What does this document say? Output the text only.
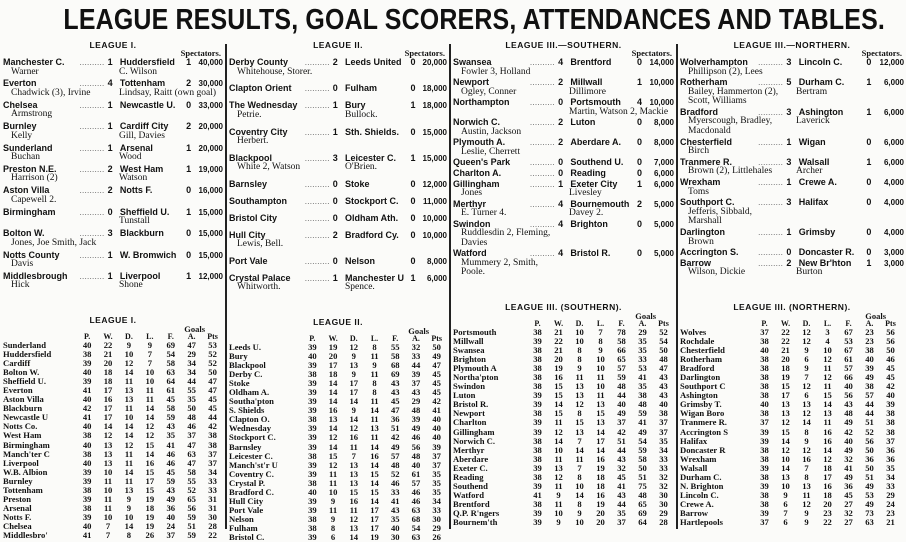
LEAGUE RESULTS, GOAL SCORERS, ATTENDANCES AND TABLES.
LEAGUE I.
Spectators.
Manchester C.	.......... 1 Huddersfield	1 40,000
Warner	C. Wilson
Everton	.......... 4 Tottenham	2 30,000
Chadwick (3), Irvine	Lindsay, Raitt (own goal)
Chelsea	.......... 1 Newcastle U.	0 33,000
Armstrong
Burnley	.......... 1 Cardiff City	2 20,000
Kelly	Gill, Davies
Sunderland	.......... 1 Arsenal	1 20,000
Buchan	Wood
Preston N.E.	.......... 2 West Ham	1 19,000
Harrison (2)	Watson
Aston Villa	.......... 2 Notts F.	0 16,000
Capewell 2.
Birmingham	.......... 0 Sheffield U.	1 15,000
Tunstall
Bolton W.	.......... 3 Blackburn	0 15,000
Jones, Joe Smith, Jack
Notts County	.......... 1 W. Bromwich	0 15,000
Davis
Middlesbrough	.......... 1 Liverpool	1 12,000
Hick	Shone
LEAGUE I.
Goals
P.	W.	D.	L.	F.	A.	Pts
Sunderland	40	22	9	9	69	47	53
Huddersfield	38	21	10	7	54	29	52
Cardiff	39	20	12	7	58	34	52
Bolton W.	40	18	14	10	63	34	50
Sheffield U.	39	18	11	10	64	44	47
Everton	41	17	13	11	61	55	47
Aston Villa	40	16	13	11	45	35	45
Blackburn	42	17	11	14	58	50	45
Newcastle U	41	17	10	14	59	48	44
Notts Co.	40	14	14	12	43	46	42
West Ham	38	12	14	12	35	37	38
Birmingham	40	13	12	15	41	47	38
Manch'ter C	38	13	11	14	46	63	37
Liverpool	40	13	11	16	46	47	37
W.B. Albion	39	10	14	15	45	58	34
Burnley	39	11	11	17	59	55	33
Tottenham	38	10	13	15	43	52	33
Preston	39	11	9	19	49	65	31
Arsenal	38	11	9	18	36	56	31
Notts F.	39	10	10	19	40	59	30
Chelsea	40	7	14	19	24	51	28
Middlesbro'	41	7	8	26	37	59	22
LEAGUE II.
Spectators.
Derby County	.......... 2 Leeds United	0 20,000
Whitehouse, Storer.
Clapton Orient	.......... 0 Fulham	0 18,000
The Wednesday .......... 1 Bury	1 18,000
Petrie.	Bullock.
Coventry City	.......... 1 Sth. Shields.	0 15,000
Herbert.
Blackpool	.......... 3 Leicester C.	1 15,000
White 2, Watson	O'Brien.
Barnsley	.......... 0 Stoke	0 12,000
Southampton	.......... 0 Stockport C.	0 11,000
Bristol City	.......... 0 Oldham Ath.	0 10,000
Hull City	.......... 2 Bradford Cy.	0 10,000
Lewis, Bell.
Port Vale	.......... 0 Nelson	0	8,000
Crystal Palace	.......... 1 Manchester U 1	6,000
Whitworth.	Spence.
LEAGUE II.
Goals
P.	W.	D.	L.	F.	A.	Pts
Leeds U.	39	19	12	8	55	32	50
Bury	40	20	9	11	58	33	49
Blackpool	39	17	13	9	68	44	47
Derby C.	38	18	9	11	69	39	45
Stoke	39	14	17	8	43	37	45
Oldham A.	39	14	17	8	43	43	45
Southa'pton	39	14	14	11	45	29	42
S. Shields	39	16	9	14	47	48	41
Clapton O.	38	13	14	11	36	39	40
Wednesday	39	14	12	13	51	49	40
Stockport C.	39	12	16	11	42	46	40
Barnsley	39	14	11	14	49	56	39
Leicester C.	38	15	7	16	57	48	37
Manch'st'r U	39	12	13	14	48	40	37
Coventry C.	39	11	13	15	52	61	35
Crystal P.	38	11	13	14	46	57	35
Bradford C.	40	10	15	15	33	46	35
Hull City	39	9	16	14	41	46	34
Port Vale	39	11	11	17	43	63	33
Nelson	38	9	12	17	35	68	30
Fulham	38	8	13	17	40	54	29
Bristol C.	39	6	14	19	30	63	26
LEAGUE III.—SOUTHERN.
Spectators.
Swansea	.......... 4 Brentford	0 14,000
Fowler 3, Holland
Newport	.......... 2 Millwall	1 10,000
Ogley, Conner	Dillimore
Northampton	.......... 0 Portsmouth	4 10,000
Martin, Watson 2, Mackie
Norwich C.	.......... 2 Luton	0	8,000
Austin, Jackson
Plymouth A.	.......... 2 Aberdare A.	0	8,000
Leslie, Cherrett
Queen's Park	.......... 0 Southend U.	0	7,000
Charlton A.	.......... 0 Reading	0	6,000
Gillingham	.......... 1 Exeter City	1	6,000
Jones	Livesley
Merthyr	.......... 4 Bournemouth 2	5,000
E. Turner 4.	Davey 2.
Swindon	.......... 4 Brighton	0	5,000
Ruddlesdin 2, Fleming, Davies
Watford	.......... 4 Bristol R.	0	5,000
Mummery 2, Smith, Poole.
LEAGUE III. (SOUTHERN).
Goals
P.	W.	D.	L.	F.	A.	Pts
Portsmouth	38	21	10	7	78	29	52
Millwall	39	22	10	8	58	35	54
Swansea	38	21	8	9	66	35	50
Brighton	38	20	8	10	65	33	48
Plymouth A	38	19	9	10	57	53	47
Northa'pton	38	16	11	11	59	41	43
Swindon	38	15	13	10	48	35	43
Luton	39	15	13	11	44	38	43
Bristol R.	39	14	12	13	40	48	40
Newport	38	15	8	15	49	59	38
Charlton	39	11	15	13	37	41	37
Gillingham	39	12	13	14	42	49	37
Norwich C.	38	14	7	17	51	54	35
Merthyr	38	10	14	14	44	59	34
Aberdare	38	11	11	16	43	58	33
Exeter C.	39	13	7	19	32	50	33
Reading	38	12	8	18	45	51	32
Southend	39	11	10	18	41	75	32
Watford	41	9	14	16	43	48	30
Brentford	38	11	8	19	44	65	30
Q.P. R'ngers	39	10	9	20	35	69	29
Bournem'th	39	9	10	20	37	64	28
LEAGUE III.—NORTHERN.
Spectators.
Wolverhampton	.......... 3 Lincoln C.	0	12,000
Phillipson (2), Lees
Rotherham	.......... 5 Durham C.	1	6,000
Bailey, Hammerton (2), Scott, Williams
Bertram
Bradford	.......... 3 Ashington	1	6,000
Myerscough, Bradley, Macdonald
Laverick
Chesterfield	.......... 1 Wigan	0	6,000
Birch
Tranmere R.	.......... 3 Walsall	1	6,000
Brown (2), Littlehales	Archer
Wrexham	.......... 1 Crewe A.	0	4,000
Toms
Southport C.	.......... 3 Halifax	0	4,000
Jefferis, Sibbald, Marshall
Darlington	.......... 1 Grimsby	0	4,000
Brown
Accrington S.	.......... 0 Doncaster R.	0	3,000
Barrow	.......... 2 New Br'hton	1	3,000
Wilson, Dickie	Burton
LEAGUE III. (NORTHERN).
Goals
P.	W.	D.	L.	F.	A.	Pts
Wolves	37	22	12	3	67	23	56
Rochdale	38	22	12	4	53	23	56
Chesterfield	40	21	9	10	67	38	50
Rotherham	38	20	6	12	61	40	46
Bradford	38	18	9	11	57	39	45
Darlington	38	19	7	12	66	49	45
Southport C	38	15	12	11	40	38	42
Ashington	38	17	6	15	56	57	40
Grimsby T.	40	13	13	14	43	44	39
Wigan Boro	38	13	12	13	48	44	38
Tranmere R.	37	12	14	11	49	51	38
Accrington S	39	15	8	16	42	52	38
Halifax	39	14	9	16	40	56	37
Doncaster R	38	12	12	14	49	50	36
Wrexham	38	10	16	12	32	36	36
Walsall	39	14	7	18	41	50	35
Durham C.	38	13	8	17	49	51	34
N. Brighton	39	10	13	16	36	49	33
Lincoln C.	38	9	11	18	45	53	29
Crewe A.	38	6	12	20	27	49	24
Barrow	39	7	9	23	32	73	23
Hartlepools	37	6	9	22	27	63	21
